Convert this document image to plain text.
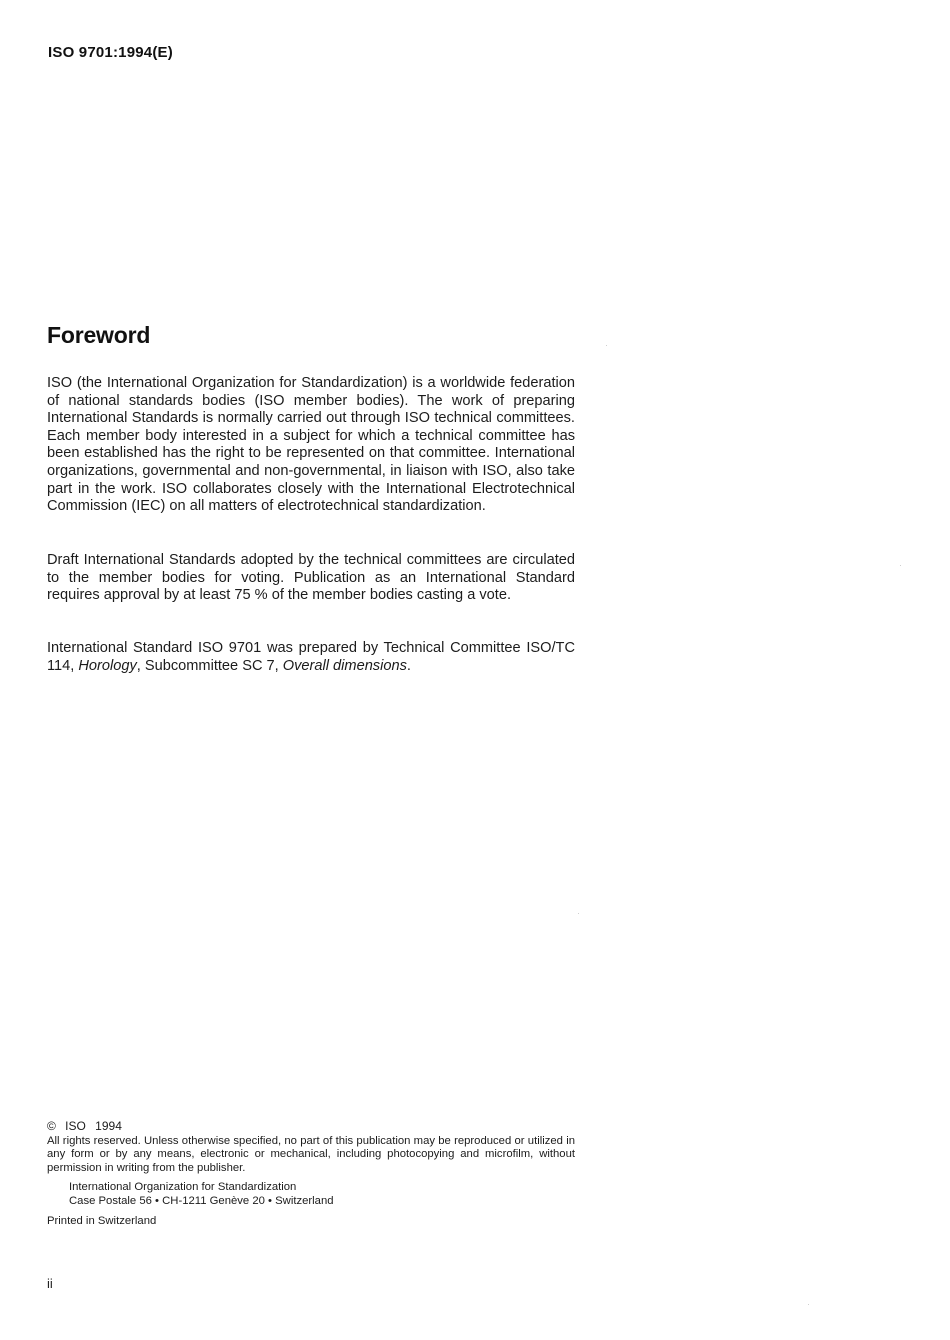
ISO 9701:1994(E)
Foreword

ISO (the International Organization for Standardization) is a worldwide federation of national standards bodies (ISO member bodies). The work of preparing International Standards is normally carried out through ISO technical committees. Each member body interested in a subject for which a technical committee has been established has the right to be represented on that committee. International organizations, governmental and non-governmental, in liaison with ISO, also take part in the work. ISO collaborates closely with the International Electrotechnical Commission (IEC) on all matters of electrotechnical standardization.

Draft International Standards adopted by the technical committees are circulated to the member bodies for voting. Publication as an International Standard requires approval by at least 75 % of the member bodies casting a vote.

International Standard ISO 9701 was prepared by Technical Committee ISO/TC 114, Horology, Subcommittee SC 7, Overall dimensions.

© ISO 1994

All rights reserved. Unless otherwise specified, no part of this publication may be reproduced or utilized in any form or by any means, electronic or mechanical, including photocopying and microfilm, without permission in writing from the publisher.

International Organization for Standardization
Case Postale 56 • CH-1211 Genève 20 • Switzerland

Printed in Switzerland

ii
